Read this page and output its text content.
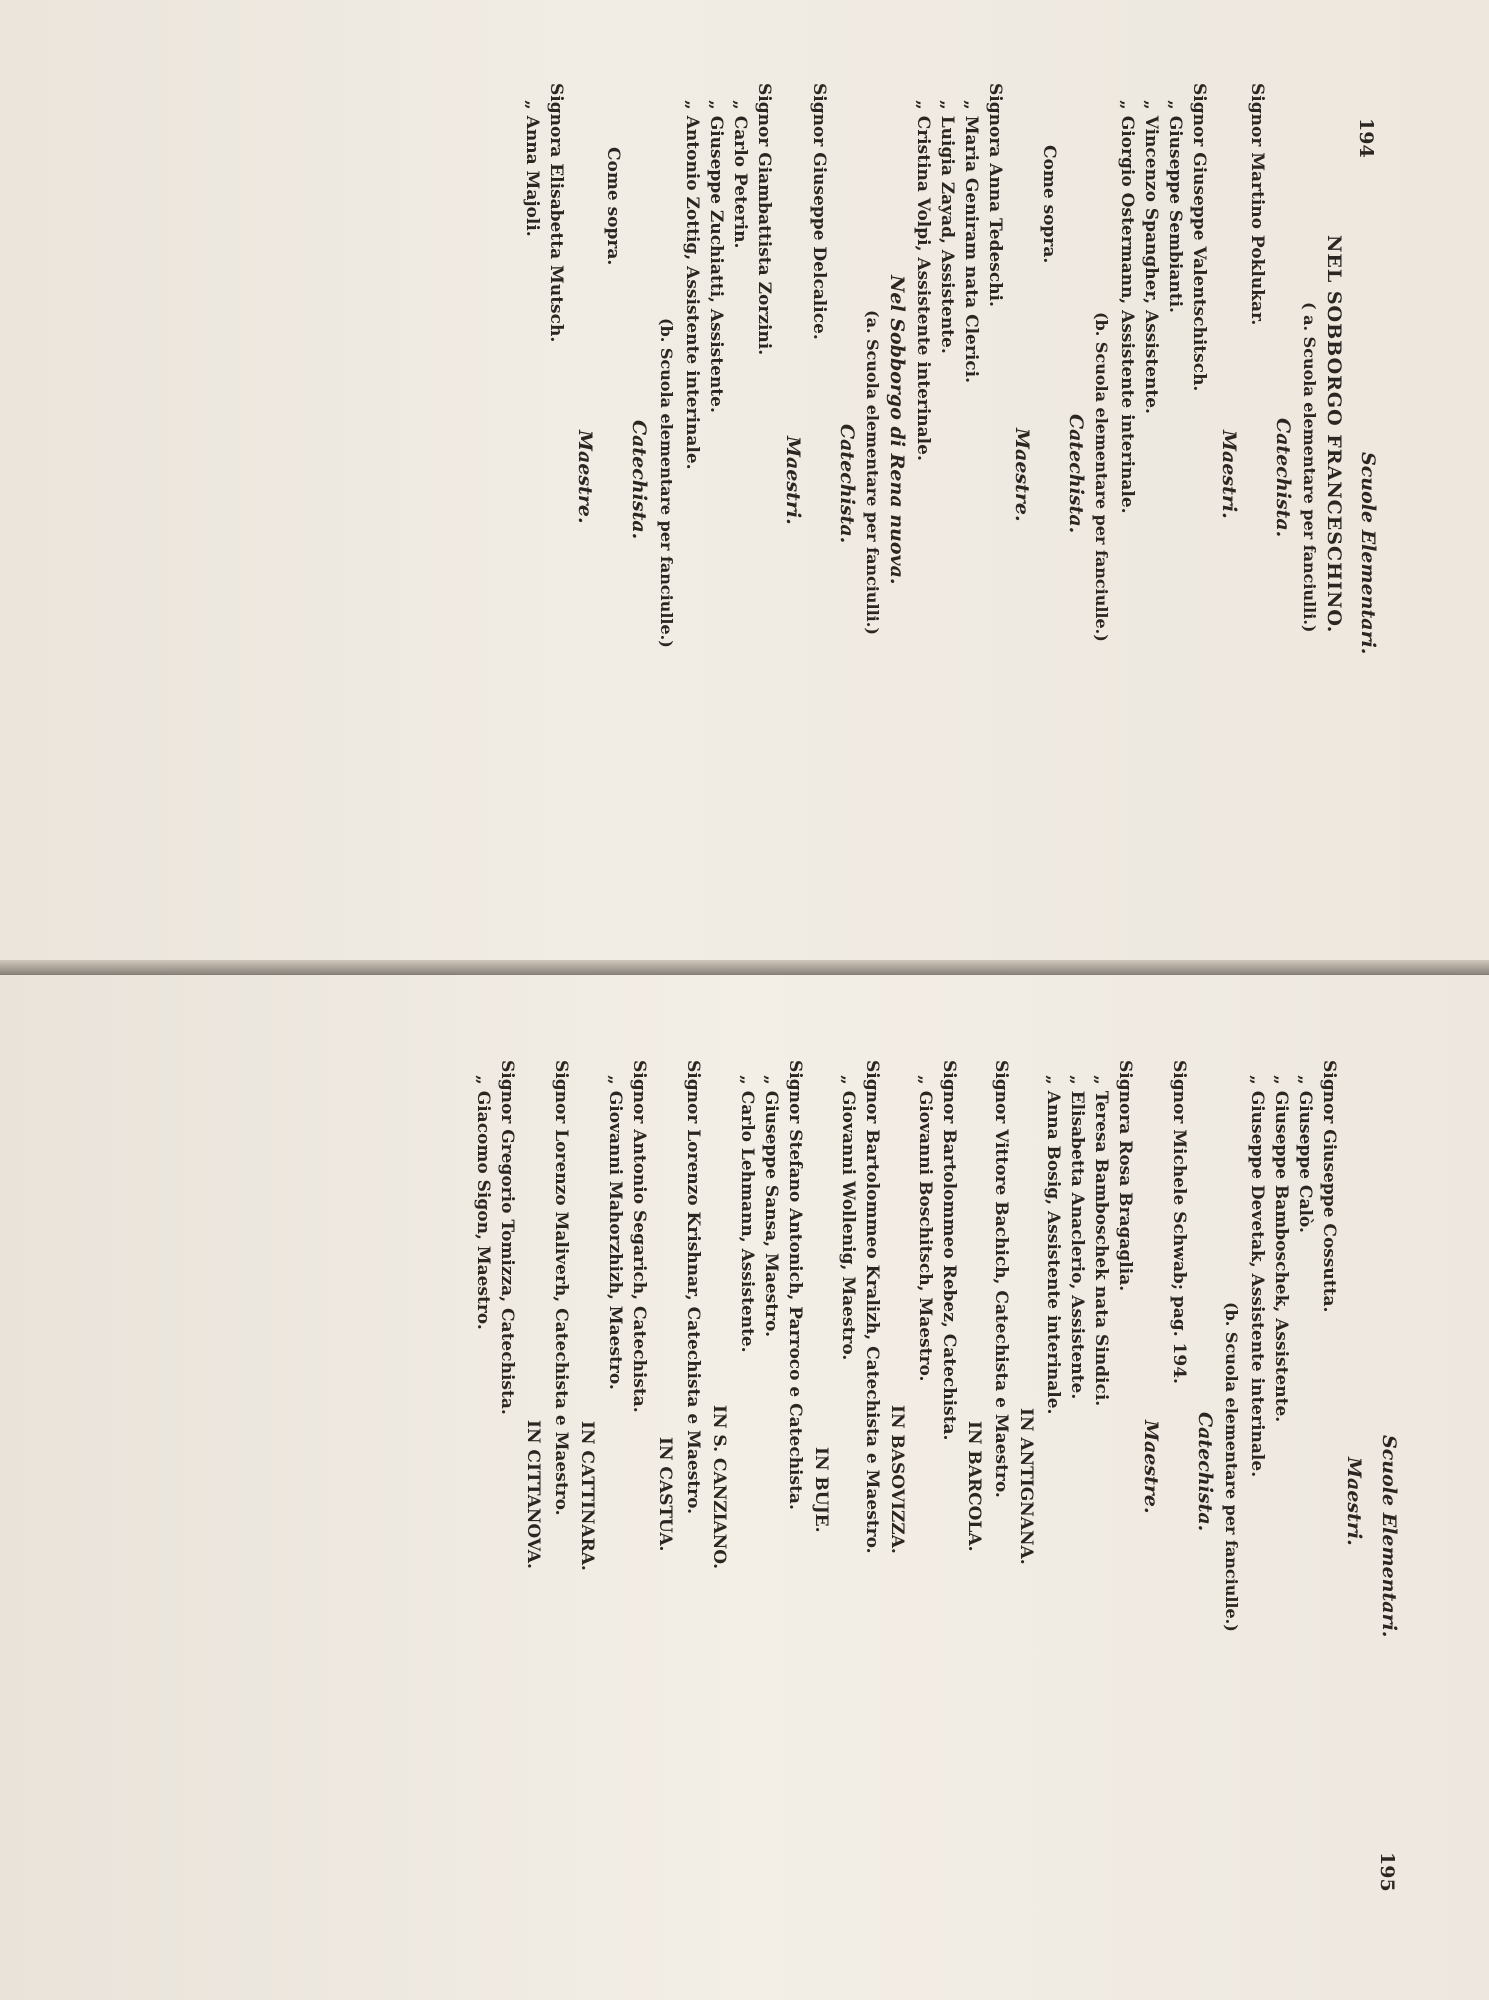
194
Scuole Elementari.
NEL SOBBORGO FRANCESCHINO.
( a. Scuola elementare per fanciulli.)
Catechista.
Signor Martino Poklukar.
Maestri.
Signor Giuseppe Valentschitsch.
„ Giuseppe Sembianti.
„ Vincenzo Spangher, Assistente.
„ Giorgio Ostermann, Assistente interinale.
(b. Scuola elementare per fanciulle.)
Catechista.
Come sopra.
Maestre.
Signora Anna Tedeschi.
„ Maria Geniram nata Clerici.
„ Luigia Zayad, Assistente.
„ Cristina Volpi, Assistente interinale.
Nel Sobborgo di Rena nuova.
(a. Scuola elementare per fanciulli.)
Catechista.
Signor Giuseppe Delcalice.
Maestri.
Signor Giambattista Zorzini.
„ Carlo Peterin.
„ Giuseppe Zuchiatti, Assistente.
„ Antonio Zottig, Assistente interinale.
(b. Scuola elementare per fanciulle.)
Catechista.
Come sopra.
Maestre.
Signora Elisabetta Mutsch.
„ Anna Majoli.
Scuole Elementari.
195
Maestri.
Signor Giuseppe Cossutta.
„ Giuseppe Calò.
„ Giuseppe Bamboschek, Assistente.
„ Giuseppe Devetak, Assistente interinale.
(b. Scuola elementare per fanciulle.)
Catechista.
Signor Michele Schwab; pag. 194.
Maestre.
Signora Rosa Bragaglia.
„ Teresa Bamboschek nata Sindici.
„ Elisabetta Anaclerio, Assistente.
„ Anna Bosig, Assistente interinale.
IN ANTIGNANA.
Signor Vittore Bachich, Catechista e Maestro.
IN BARCOLA.
Signor Bartolommeo Rebez, Catechista.
„ Giovanni Boschitsch, Maestro.
IN BASOVIZZA.
Signor Bartolommeo Kralizh, Catechista e Maestro.
„ Giovanni Wollenig, Maestro.
IN BUJE.
Signor Stefano Antonich, Parroco e Catechista.
„ Giuseppe Sansa, Maestro.
„ Carlo Lehmann, Assistente.
IN S. CANZIANO.
Signor Lorenzo Krishnar, Catechista e Maestro.
IN CASTUA.
Signor Antonio Segarich, Catechista.
„ Giovanni Mahorzhizh, Maestro.
IN CATTINARA.
Signor Lorenzo Maliverh, Catechista e Maestro.
IN CITTANOVA.
Signor Gregorio Tomizza, Catechista.
„ Giacomo Sigon, Maestro.
